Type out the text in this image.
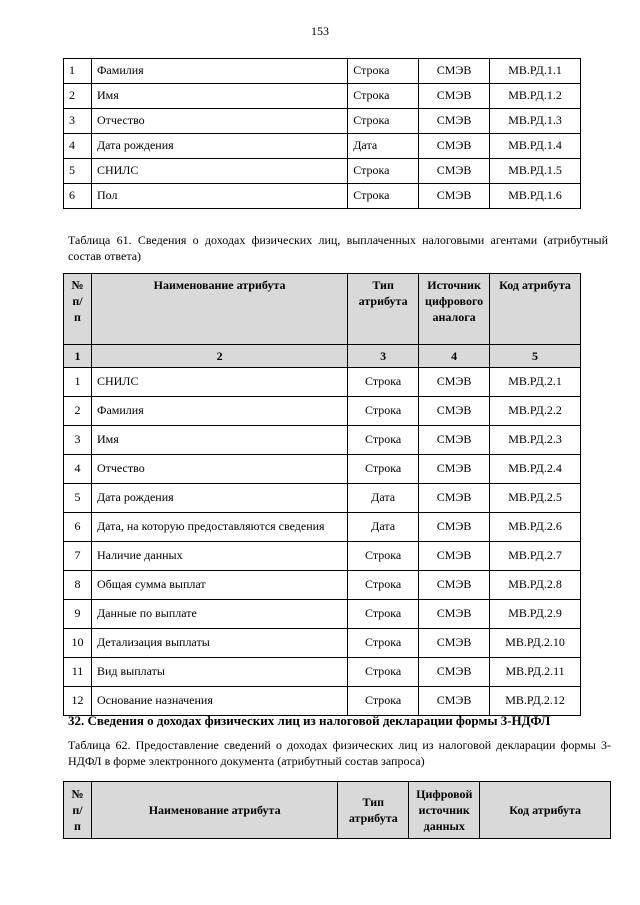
153
1	Фамилия	Строка	СМЭВ	МВ.РД.1.1
2	Имя	Строка	СМЭВ	МВ.РД.1.2
3	Отчество	Строка	СМЭВ	МВ.РД.1.3
4	Дата рождения	Дата	СМЭВ	МВ.РД.1.4
5	СНИЛС	Строка	СМЭВ	МВ.РД.1.5
6	Пол	Строка	СМЭВ	МВ.РД.1.6
Таблица 61. Сведения о доходах физических лиц, выплаченных налоговыми агентами (атрибутный состав ответа)
№ п/п	Наименование атрибута	Тип атрибута	Источник цифрового аналога	Код атрибута
1	2	3	4	5
1	СНИЛС	Строка	СМЭВ	МВ.РД.2.1
2	Фамилия	Строка	СМЭВ	МВ.РД.2.2
3	Имя	Строка	СМЭВ	МВ.РД.2.3
4	Отчество	Строка	СМЭВ	МВ.РД.2.4
5	Дата рождения	Дата	СМЭВ	МВ.РД.2.5
6	Дата, на которую предоставляются сведения	Дата	СМЭВ	МВ.РД.2.6
7	Наличие данных	Строка	СМЭВ	МВ.РД.2.7
8	Общая сумма выплат	Строка	СМЭВ	МВ.РД.2.8
9	Данные по выплате	Строка	СМЭВ	МВ.РД.2.9
10	Детализация выплаты	Строка	СМЭВ	МВ.РД.2.10
11	Вид выплаты	Строка	СМЭВ	МВ.РД.2.11
12	Основание назначения	Строка	СМЭВ	МВ.РД.2.12
32. Сведения о доходах физических лиц из налоговой декларации формы 3-НДФЛ
Таблица 62. Предоставление сведений о доходах физических лиц из налоговой декларации формы 3-НДФЛ в форме электронного документа (атрибутный состав запроса)
№ п/п	Наименование атрибута	Тип атрибута	Цифровой источник данных	Код атрибута
